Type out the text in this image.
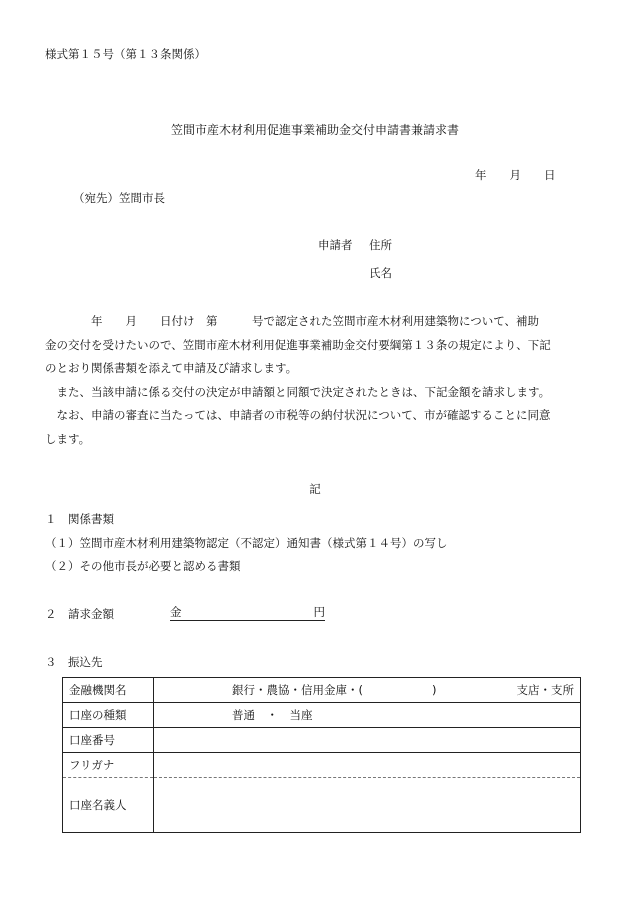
様式第１５号（第１３条関係）
笠間市産木材利用促進事業補助金交付申請書兼請求書
年　　月　　日
（宛先）笠間市長
申請者 住所
氏名
　　　　年　　月　　日付け　第　　　号で認定された笠間市産木材利用建築物について、補助
金の交付を受けたいので、笠間市産木材利用促進事業補助金交付要綱第１３条の規定により、下記
のとおり関係書類を添えて申請及び請求します。
　また、当該申請に係る交付の決定が申請額と同額で決定されたときは、下記金額を請求します。
　なお、申請の審査に当たっては、申請者の市税等の納付状況について、市が確認することに同意
します。
記
１　関係書類
（１）笠間市産木材利用建築物認定（不認定）通知書（様式第１４号）の写し
（２）その他市長が必要と認める書類
２　請求金額	金	円
３　振込先
金融機関名	銀行・農協・信用金庫・(　　　　　　) 支店・支所

口座の種類	普通　・　当座
口座番号	
フリガナ	
口座名義人	
